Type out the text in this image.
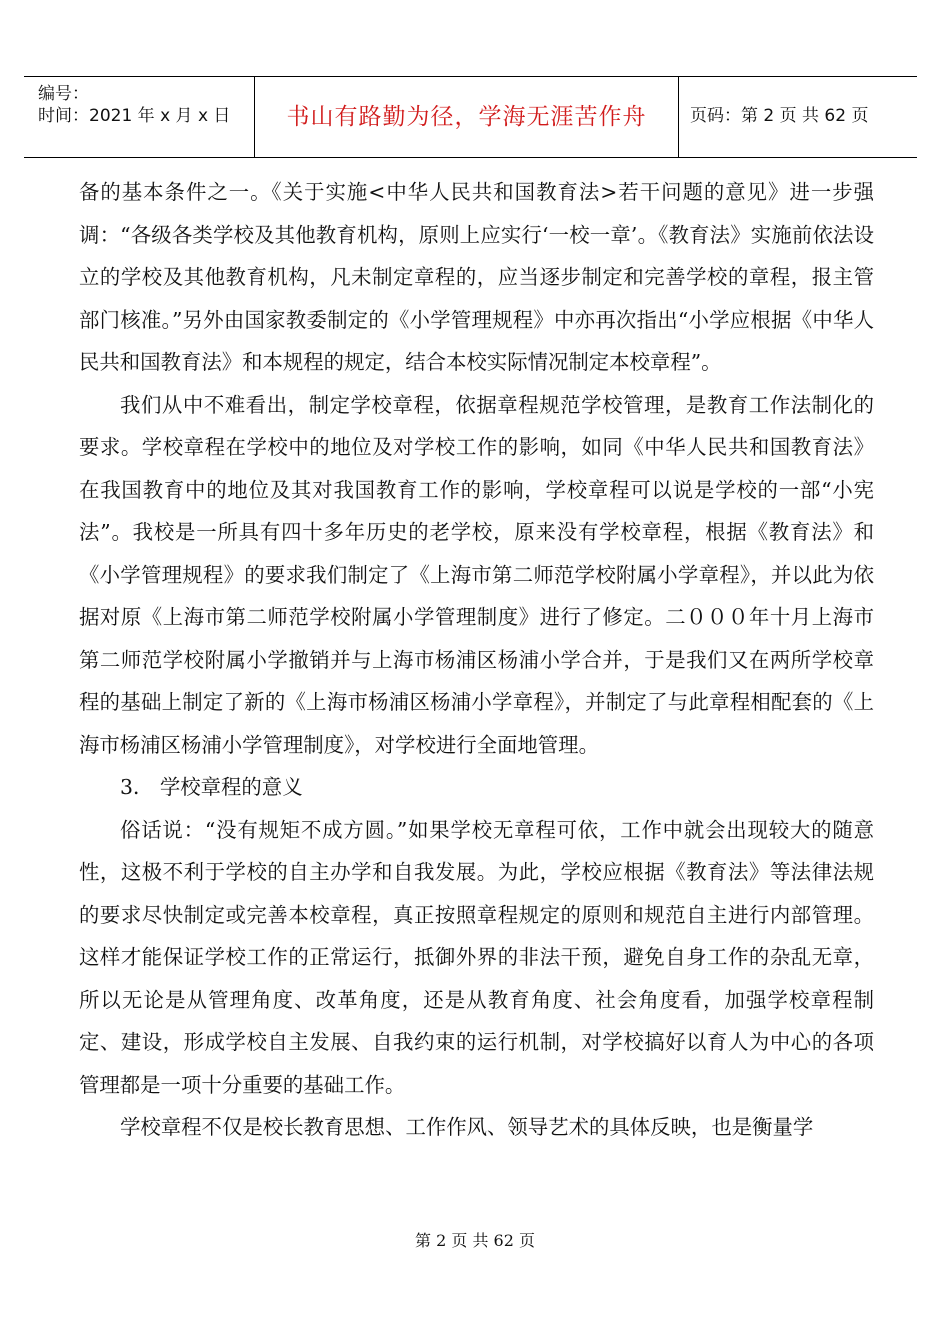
编号：
时间：2021 年 x 月 x 日	书山有路勤为径，学海无涯苦作舟	页码：第 2 页 共 62 页

备的基本条件之一。《关于实施<中华人民共和国教育法>若干问题的意见》进一步强调：“各级各类学校及其他教育机构，原则上应实行‘一校一章’。《教育法》实施前依法设立的学校及其他教育机构，凡未制定章程的，应当逐步制定和完善学校的章程，报主管部门核准。”另外由国家教委制定的《小学管理规程》中亦再次指出“小学应根据《中华人民共和国教育法》和本规程的规定，结合本校实际情况制定本校章程”。

我们从中不难看出，制定学校章程，依据章程规范学校管理，是教育工作法制化的要求。学校章程在学校中的地位及对学校工作的影响，如同《中华人民共和国教育法》在我国教育中的地位及其对我国教育工作的影响，学校章程可以说是学校的一部“小宪法”。我校是一所具有四十多年历史的老学校，原来没有学校章程，根据《教育法》和《小学管理规程》的要求我们制定了《上海市第二师范学校附属小学章程》，并以此为依据对原《上海市第二师范学校附属小学管理制度》进行了修定。二０００年十月上海市第二师范学校附属小学撤销并与上海市杨浦区杨浦小学合并，于是我们又在两所学校章程的基础上制定了新的《上海市杨浦区杨浦小学章程》，并制定了与此章程相配套的《上海市杨浦区杨浦小学管理制度》，对学校进行全面地管理。

3． 学校章程的意义

俗话说：“没有规矩不成方圆。”如果学校无章程可依，工作中就会出现较大的随意性，这极不利于学校的自主办学和自我发展。为此，学校应根据《教育法》等法律法规的要求尽快制定或完善本校章程，真正按照章程规定的原则和规范自主进行内部管理。这样才能保证学校工作的正常运行，抵御外界的非法干预，避免自身工作的杂乱无章，所以无论是从管理角度、改革角度，还是从教育角度、社会角度看，加强学校章程制定、建设，形成学校自主发展、自我约束的运行机制，对学校搞好以育人为中心的各项管理都是一项十分重要的基础工作。

学校章程不仅是校长教育思想、工作作风、领导艺术的具体反映，也是衡量学

第 2 页 共 62 页
